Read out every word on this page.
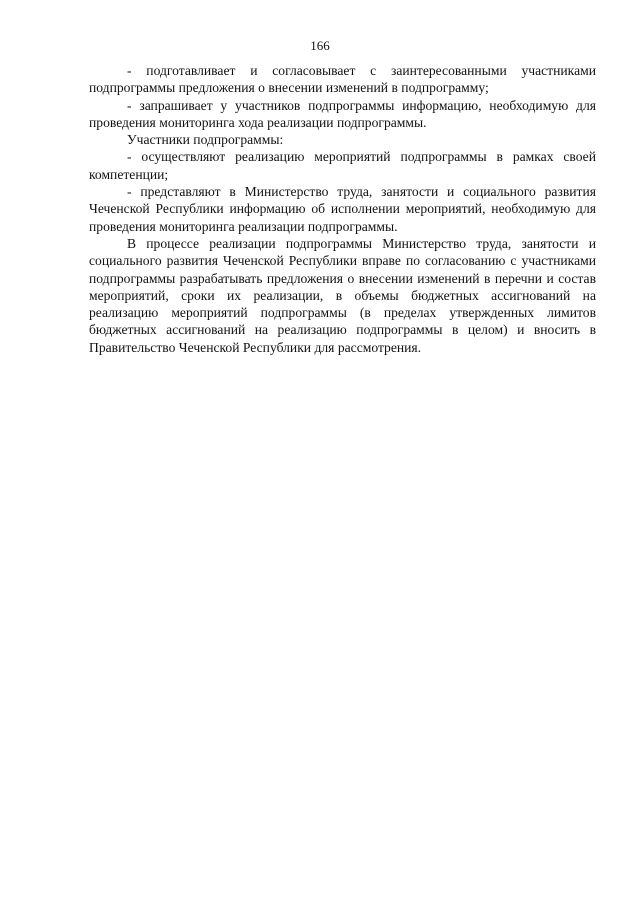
166

- подготавливает и согласовывает с заинтересованными участниками подпрограммы предложения о внесении изменений в подпрограмму;

- запрашивает у участников подпрограммы информацию, необходимую для проведения мониторинга хода реализации подпрограммы.

Участники подпрограммы:

- осуществляют реализацию мероприятий подпрограммы в рамках своей компетенции;

- представляют в Министерство труда, занятости и социального развития Чеченской Республики информацию об исполнении мероприятий, необходимую для проведения мониторинга реализации подпрограммы.

В процессе реализации подпрограммы Министерство труда, занятости и социального развития Чеченской Республики вправе по согласованию с участниками подпрограммы разрабатывать предложения о внесении изменений в перечни и состав мероприятий, сроки их реализации, в объемы бюджетных ассигнований на реализацию мероприятий подпрограммы (в пределах утвержденных лимитов бюджетных ассигнований на реализацию подпрограммы в целом) и вносить в Правительство Чеченской Республики для рассмотрения.
